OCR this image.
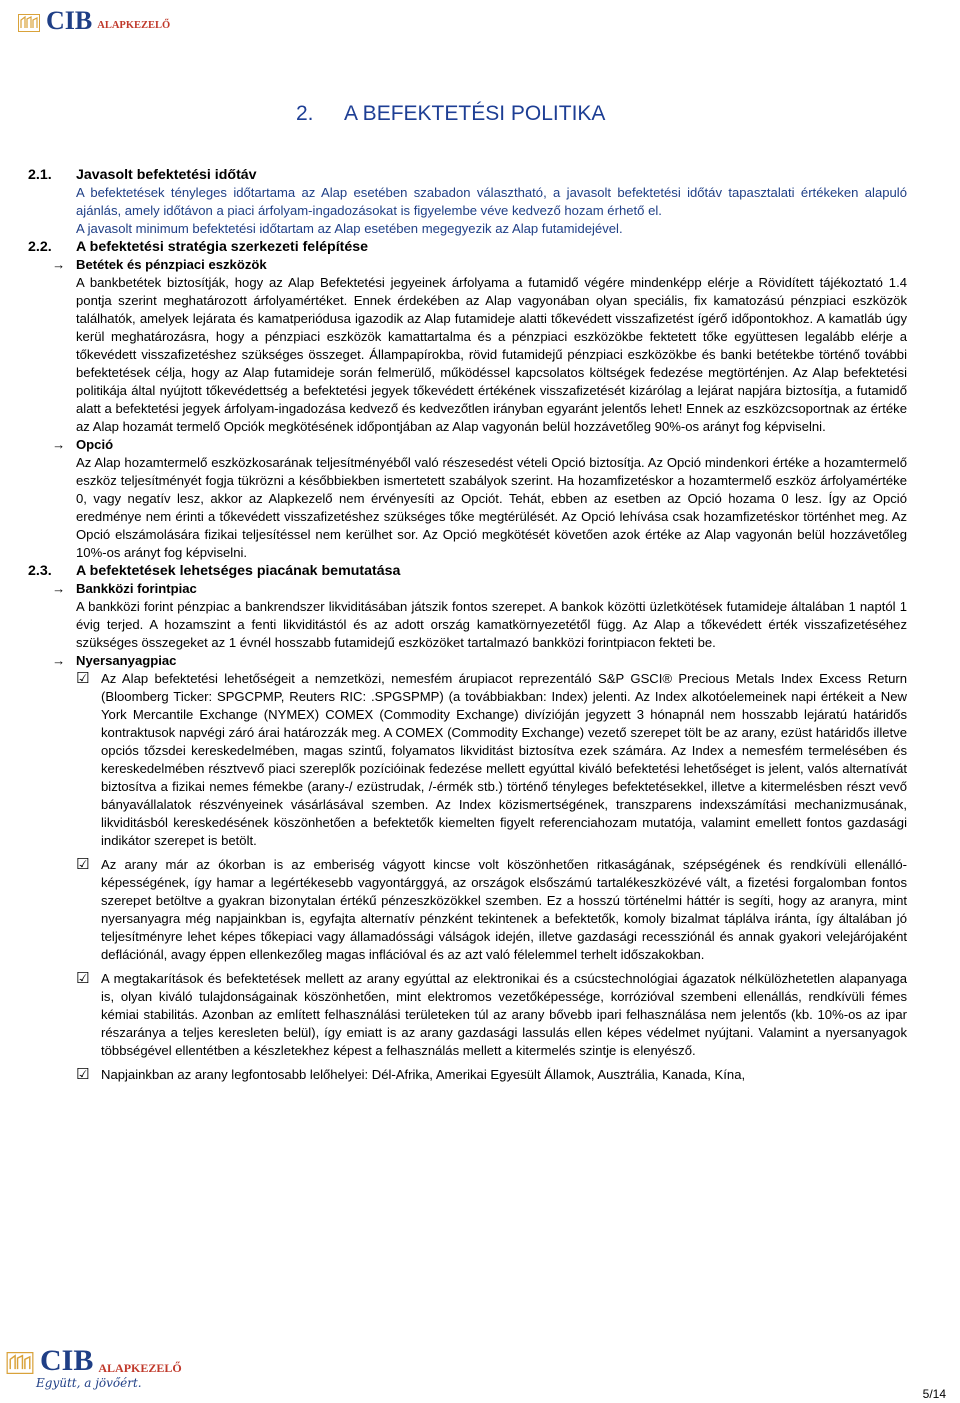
CIB ALAPKEZELŐ
2. A BEFEKTETÉSI POLITIKA
2.1.	Javasolt befektetési időtáv
A befektetések tényleges időtartama az Alap esetében szabadon választható, a javasolt befektetési időtáv tapasztalati értékeken alapuló ajánlás, amely időtávon a piaci árfolyam-ingadozásokat is figyelembe véve kedvező hozam érhető el.
A javasolt minimum befektetési időtartam az Alap esetében megegyezik az Alap futamidejével.
2.2.	A befektetési stratégia szerkezeti felépítése
→ Betétek és pénzpiaci eszközök
A bankbetétek biztosítják, hogy az Alap Befektetési jegyeinek árfolyama a futamidő végére mindenképp elérje a Rövidített tájékoztató 1.4 pontja szerint meghatározott árfolyamértéket. Ennek érdekében az Alap vagyonában olyan speciális, fix kamatozású pénzpiaci eszközök találhatók, amelyek lejárata és kamatperiódusa igazodik az Alap futamideje alatti tőkevédett visszafizetést ígérő időpontokhoz. A kamatláb úgy kerül meghatározásra, hogy a pénzpiaci eszközök kamattartalma és a pénzpiaci eszközökbe fektetett tőke együttesen legalább elérje a tőkevédett visszafizetéshez szükséges összeget. Állampapírokba, rövid futamidejű pénzpiaci eszközökbe és banki betétekbe történő további befektetések célja, hogy az Alap futamideje során felmerülő, működéssel kapcsolatos költségek fedezése megtörténjen. Az Alap befektetési politikája által nyújtott tőkevédettség a befektetési jegyek tőkevédett értékének visszafizetését kizárólag a lejárat napjára biztosítja, a futamidő alatt a befektetési jegyek árfolyam-ingadozása kedvező és kedvezőtlen irányban egyaránt jelentős lehet! Ennek az eszközcsoportnak az értéke az Alap hozamát termelő Opciók megkötésének időpontjában az Alap vagyonán belül hozzávetőleg 90%-os arányt fog képviselni.
→ Opció
Az Alap hozamtermelő eszközkosarának teljesítményéből való részesedést vételi Opció biztosítja. Az Opció mindenkori értéke a hozamtermelő eszköz teljesítményét fogja tükrözni a későbbiekben ismertetett szabályok szerint. Ha hozamfizetéskor a hozamtermelő eszköz árfolyamértéke 0, vagy negatív lesz, akkor az Alapkezelő nem érvényesíti az Opciót. Tehát, ebben az esetben az Opció hozama 0 lesz. Így az Opció eredménye nem érinti a tőkevédett visszafizetéshez szükséges tőke megtérülését. Az Opció lehívása csak hozamfizetéskor történhet meg. Az Opció elszámolására fizikai teljesítéssel nem kerülhet sor. Az Opció megkötését követően azok értéke az Alap vagyonán belül hozzávetőleg 10%-os arányt fog képviselni.
2.3.	A befektetések lehetséges piacának bemutatása
→ Bankközi forintpiac
A bankközi forint pénzpiac a bankrendszer likviditásában játszik fontos szerepet. A bankok közötti üzletkötések futamideje általában 1 naptól 1 évig terjed. A hozamszint a fenti likviditástól és az adott ország kamatkörnyezetétől függ. Az Alap a tőkevédett érték visszafizetéséhez szükséges összegeket az 1 évnél hosszabb futamidejű eszközöket tartalmazó bankközi forintpiacon fekteti be.
→ Nyersanyagpiac
☑ Az Alap befektetési lehetőségeit a nemzetközi, nemesfém árupiacot reprezentáló S&P GSCI® Precious Metals Index Excess Return (Bloomberg Ticker: SPGCPMP, Reuters RIC: .SPGSPMP) (a továbbiakban: Index) jelenti. Az Index alkotóelemeinek napi értékeit a New York Mercantile Exchange (NYMEX) COMEX (Commodity Exchange) divízióján jegyzett 3 hónapnál nem hosszabb lejáratú határidős kontraktusok napvégi záró árai határozzák meg. A COMEX (Commodity Exchange) vezető szerepet tölt be az arany, ezüst határidős illetve opciós tőzsdei kereskedelmében, magas szintű, folyamatos likviditást biztosítva ezek számára. Az Index a nemesfém termelésében és kereskedelmében résztvevő piaci szereplők pozícióinak fedezése mellett egyúttal kiváló befektetési lehetőséget is jelent, valós alternatívát biztosítva a fizikai nemes fémekbe (arany-/ ezüstrudak, /-érmék stb.) történő tényleges befektetésekkel, illetve a kitermelésben részt vevő bányavállalatok részvényeinek vásárlásával szemben. Az Index közismertségének, transzparens indexszámítási mechanizmusának, likviditásból kereskedésének köszönhetően a befektetők kiemelten figyelt referenciahozam mutatója, valamint emellett fontos gazdasági indikátor szerepet is betölt.
☑ Az arany már az ókorban is az emberiség vágyott kincse volt köszönhetően ritkaságának, szépségének és rendkívüli ellenálló-képességének, így hamar a legértékesebb vagyontárggyá, az országok elsőszámú tartalékeszközévé vált, a fizetési forgalomban fontos szerepet betöltve a gyakran bizonytalan értékű pénzeszközökkel szemben. Ez a hosszú történelmi háttér is segíti, hogy az aranyra, mint nyersanyagra még napjainkban is, egyfajta alternatív pénzként tekintenek a befektetők, komoly bizalmat táplálva iránta, így általában jó teljesítményre lehet képes tőkepiaci vagy államadóssági válságok idején, illetve gazdasági recessziónál és annak gyakori velejárójaként deflációnál, avagy éppen ellenkezőleg magas inflációval és az azt való félelemmel terhelt időszakokban.
☑ A megtakarítások és befektetések mellett az arany egyúttal az elektronikai és a csúcstechnológiai ágazatok nélkülözhetetlen alapanyaga is, olyan kiváló tulajdonságainak köszönhetően, mint elektromos vezetőképessége, korrózióval szembeni ellenállás, rendkívüli fémes kémiai stabilitás. Azonban az említett felhasználási területeken túl az arany bővebb ipari felhasználása nem jelentős (kb. 10%-os az ipar részaránya a teljes keresleten belül), így emiatt is az arany gazdasági lassulás ellen képes védelmet nyújtani. Valamint a nyersanyagok többségével ellentétben a készletekhez képest a felhasználás mellett a kitermelés szintje is elenyésző.
☑ Napjainkban az arany legfontosabb lelőhelyei: Dél-Afrika, Amerikai Egyesült Államok, Ausztrália, Kanada, Kína,
CIB ALAPKEZELŐ
Együtt, a jövőért.
5/14
